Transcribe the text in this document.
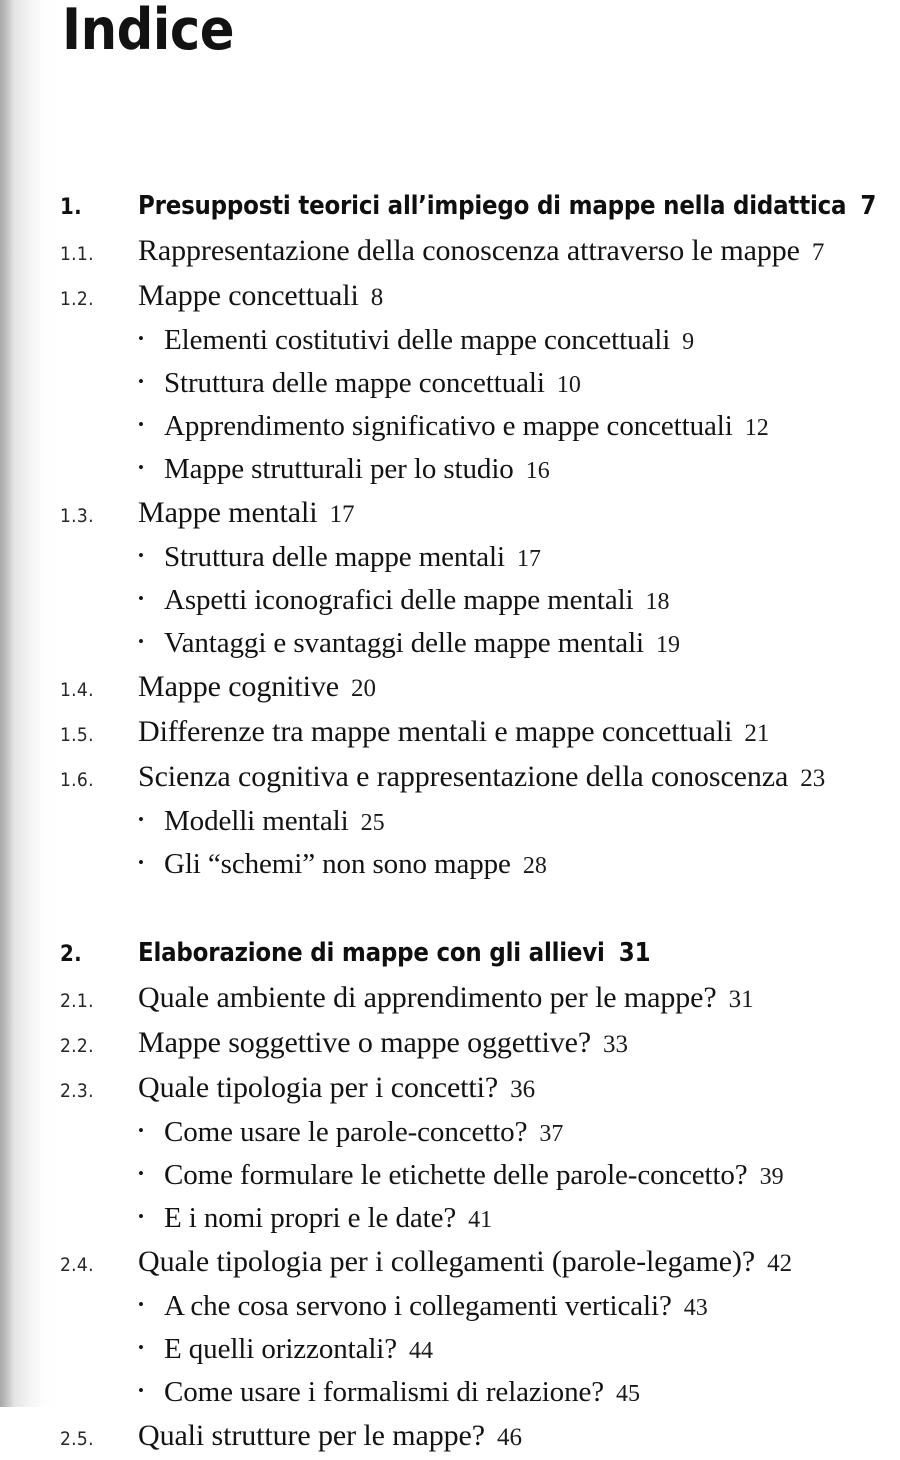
Indice
1.	Presupposti teorici all’impiego di mappe nella didattica 7
1.1.	Rappresentazione della conoscenza attraverso le mappe 7
1.2.	Mappe concettuali 8
• Elementi costitutivi delle mappe concettuali 9
• Struttura delle mappe concettuali 10
• Apprendimento significativo e mappe concettuali 12
• Mappe strutturali per lo studio 16
1.3.	Mappe mentali 17
• Struttura delle mappe mentali 17
• Aspetti iconografici delle mappe mentali 18
• Vantaggi e svantaggi delle mappe mentali 19
1.4.	Mappe cognitive 20
1.5.	Differenze tra mappe mentali e mappe concettuali 21
1.6.	Scienza cognitiva e rappresentazione della conoscenza 23
• Modelli mentali 25
• Gli “schemi” non sono mappe 28
2.	Elaborazione di mappe con gli allievi 31
2.1.	Quale ambiente di apprendimento per le mappe? 31
2.2.	Mappe soggettive o mappe oggettive? 33
2.3.	Quale tipologia per i concetti? 36
• Come usare le parole-concetto? 37
• Come formulare le etichette delle parole-concetto? 39
• E i nomi propri e le date? 41
2.4.	Quale tipologia per i collegamenti (parole-legame)? 42
• A che cosa servono i collegamenti verticali? 43
• E quelli orizzontali? 44
• Come usare i formalismi di relazione? 45
2.5.	Quali strutture per le mappe? 46
